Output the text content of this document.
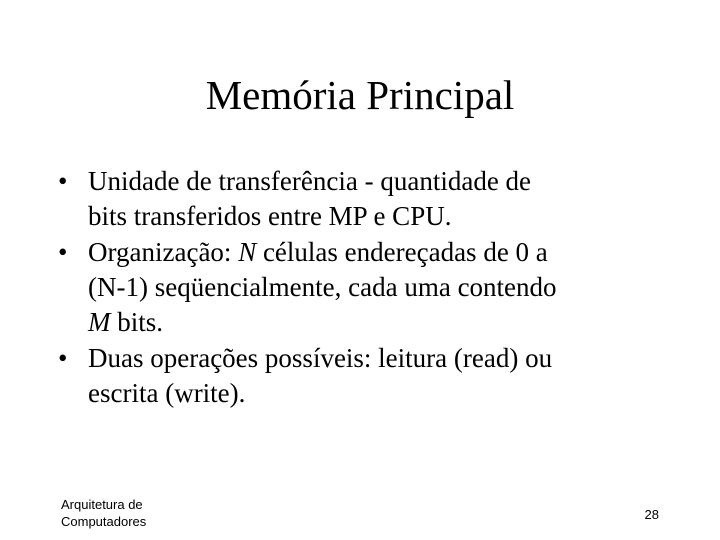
Memória Principal
• Unidade de transferência - quantidade de
bits transferidos entre MP e CPU.
• Organização: N células endereçadas de 0 a
(N-1) seqüencialmente, cada uma contendo
M bits.
• Duas operações possíveis: leitura (read) ou
escrita (write).
Arquitetura de
Computadores	28
